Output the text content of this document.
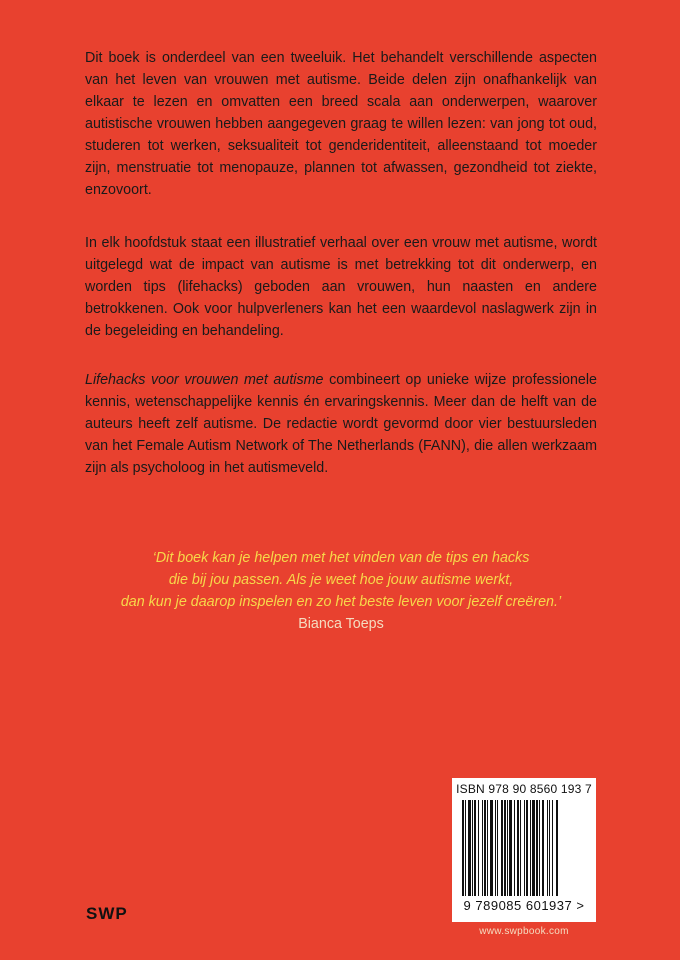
Dit boek is onderdeel van een tweeluik. Het behandelt verschillende aspecten van het leven van vrouwen met autisme. Beide delen zijn onafhankelijk van elkaar te lezen en omvatten een breed scala aan onderwerpen, waarover autistische vrouwen hebben aangegeven graag te willen lezen: van jong tot oud, studeren tot werken, seksualiteit tot genderidentiteit, alleenstaand tot moeder zijn, menstruatie tot menopauze, plannen tot afwassen, gezondheid tot ziekte, enzovoort.

In elk hoofdstuk staat een illustratief verhaal over een vrouw met autisme, wordt uitgelegd wat de impact van autisme is met betrekking tot dit onderwerp, en worden tips (lifehacks) geboden aan vrouwen, hun naasten en andere betrokkenen. Ook voor hulpverleners kan het een waardevol naslagwerk zijn in de begeleiding en behandeling.

Lifehacks voor vrouwen met autisme combineert op unieke wijze professionele kennis, wetenschappelijke kennis én ervaringskennis. Meer dan de helft van de auteurs heeft zelf autisme. De redactie wordt gevormd door vier bestuursleden van het Female Autism Network of The Netherlands (FANN), die allen werkzaam zijn als psycholoog in het autismeveld.

‘Dit boek kan je helpen met het vinden van de tips en hacks
die bij jou passen. Als je weet hoe jouw autisme werkt,
dan kun je daarop inspelen en zo het beste leven voor jezelf creëren.’
Bianca Toeps
ISBN 978 90 8560 193 7
9 789085 601937 >
SWP
www.swpbook.com
